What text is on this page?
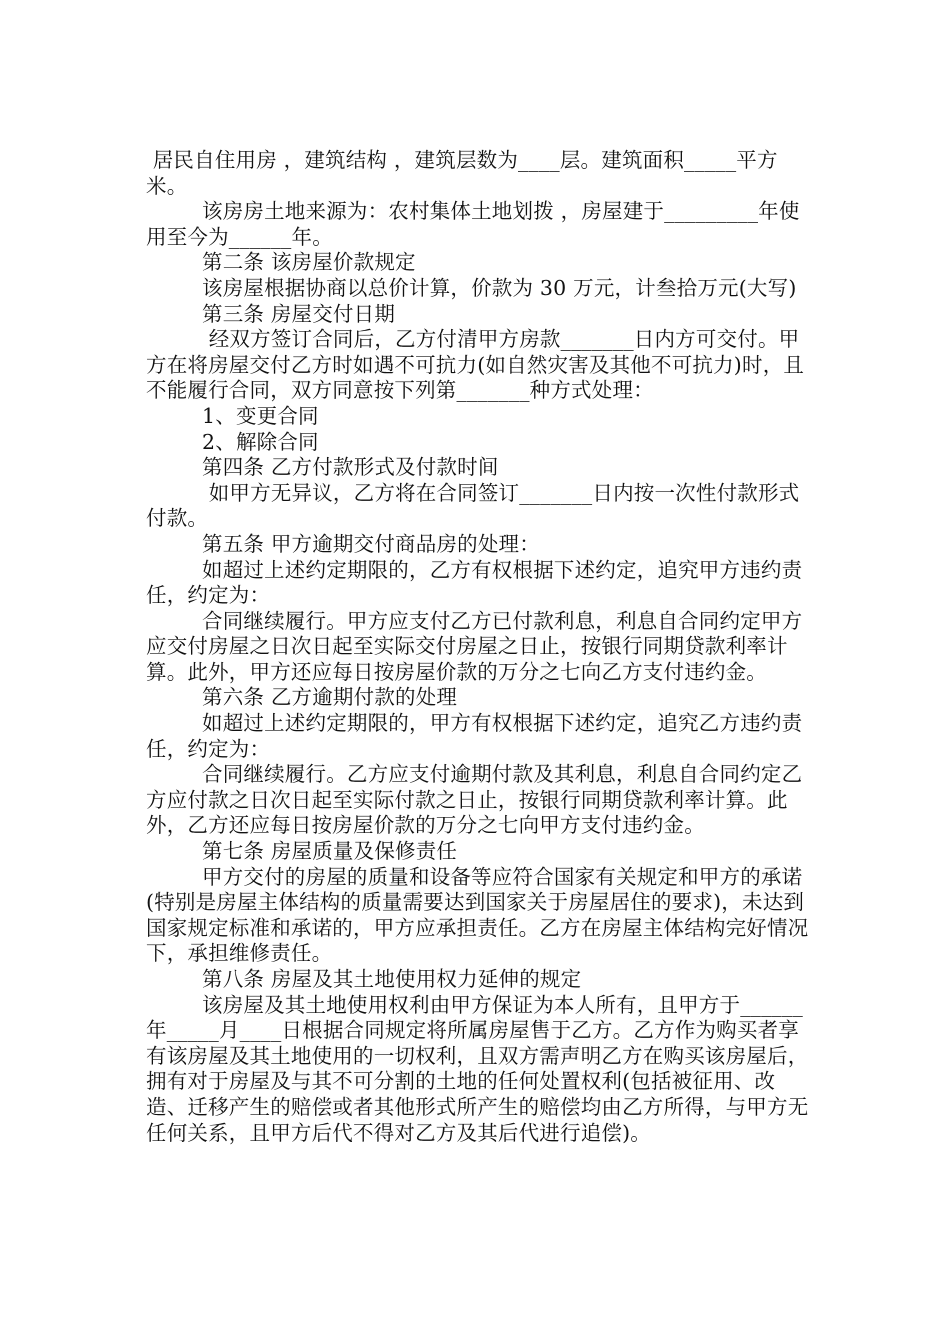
居民自住用房 ，建筑结构 ，建筑层数为____层。建筑面积_____平方米。

该房房土地来源为：农村集体土地划拨 ，房屋建于_________年使用至今为______年。

第二条 该房屋价款规定

该房屋根据协商以总价计算，价款为 30 万元，计叁拾万元(大写)

第三条 房屋交付日期

经双方签订合同后，乙方付清甲方房款_______日内方可交付。甲方在将房屋交付乙方时如遇不可抗力(如自然灾害及其他不可抗力)时，且不能履行合同，双方同意按下列第_______种方式处理：

1、变更合同

2、解除合同

第四条 乙方付款形式及付款时间

如甲方无异议，乙方将在合同签订_______日内按一次性付款形式付款。

第五条 甲方逾期交付商品房的处理：

如超过上述约定期限的，乙方有权根据下述约定，追究甲方违约责任，约定为：

合同继续履行。甲方应支付乙方已付款利息，利息自合同约定甲方应交付房屋之日次日起至实际交付房屋之日止，按银行同期贷款利率计算。此外，甲方还应每日按房屋价款的万分之七向乙方支付违约金。

第六条 乙方逾期付款的处理

如超过上述约定期限的，甲方有权根据下述约定，追究乙方违约责任，约定为：

合同继续履行。乙方应支付逾期付款及其利息，利息自合同约定乙方应付款之日次日起至实际付款之日止，按银行同期贷款利率计算。此外，乙方还应每日按房屋价款的万分之七向甲方支付违约金。

第七条 房屋质量及保修责任

甲方交付的房屋的质量和设备等应符合国家有关规定和甲方的承诺(特别是房屋主体结构的质量需要达到国家关于房屋居住的要求)，未达到国家规定标准和承诺的，甲方应承担责任。乙方在房屋主体结构完好情况下，承担维修责任。

第八条 房屋及其土地使用权力延伸的规定

该房屋及其土地使用权利由甲方保证为本人所有，且甲方于______年_____月____日根据合同规定将所属房屋售于乙方。乙方作为购买者享有该房屋及其土地使用的一切权利，且双方需声明乙方在购买该房屋后，拥有对于房屋及与其不可分割的土地的任何处置权利(包括被征用、改造、迁移产生的赔偿或者其他形式所产生的赔偿均由乙方所得，与甲方无任何关系，且甲方后代不得对乙方及其后代进行追偿)。
